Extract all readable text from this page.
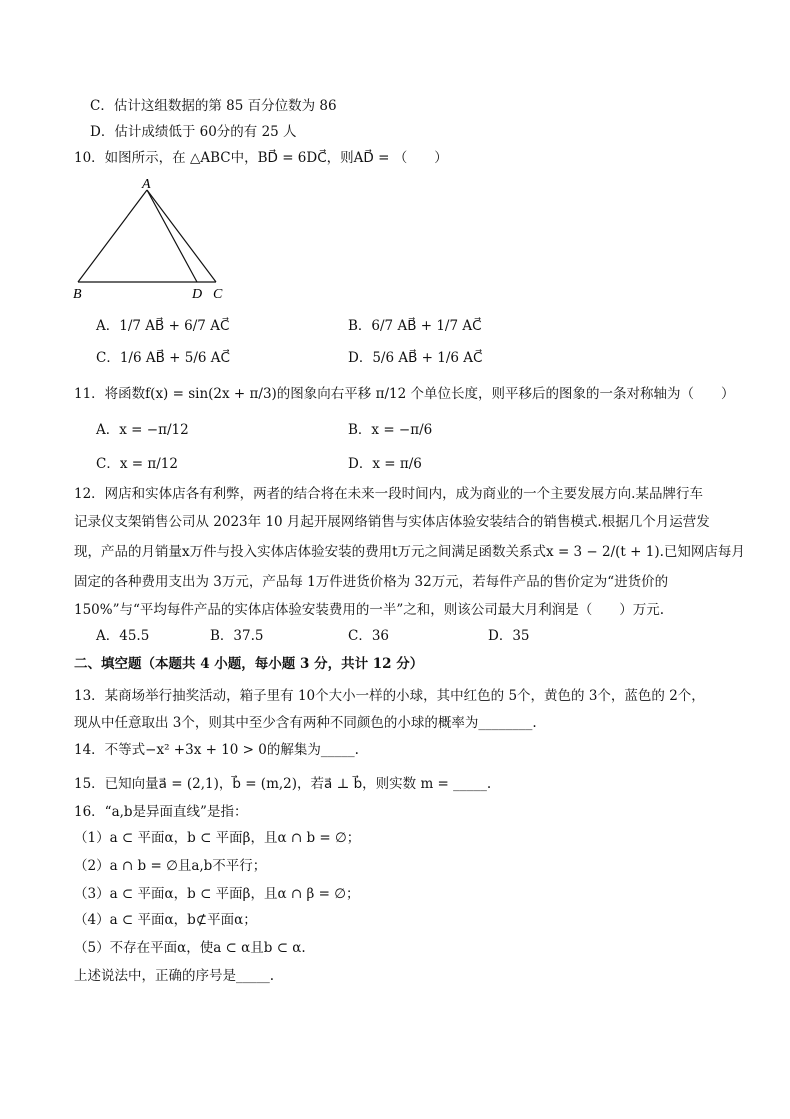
C．估计这组数据的第 85 百分位数为 86
D．估计成绩低于 60分的有 25 人
10．如图所示，在 △ABC中，BD⃗ = 6DC⃗，则AD⃗ = （　　）
A
B	D C
A．1/7 AB⃗ + 6/7 AC⃗	B．6/7 AB⃗ + 1/7 AC⃗
C．1/6 AB⃗ + 5/6 AC⃗	D．5/6 AB⃗ + 1/6 AC⃗
11．将函数f(x) = sin(2x + π/3)的图象向右平移 π/12 个单位长度，则平移后的图象的一条对称轴为（　　）
A．x = −π/12	B．x = −π/6
C．x = π/12	D．x = π/6
12．网店和实体店各有利弊，两者的结合将在未来一段时间内，成为商业的一个主要发展方向.某品牌行车
记录仪支架销售公司从 2023年 10 月起开展网络销售与实体店体验安装结合的销售模式.根据几个月运营发
现，产品的月销量x万件与投入实体店体验安装的费用t万元之间满足函数关系式x = 3 − 2/(t + 1).已知网店每月
固定的各种费用支出为 3万元，产品每 1万件进货价格为 32万元，若每件产品的售价定为“进货价的
150%”与“平均每件产品的实体店体验安装费用的一半”之和，则该公司最大月利润是（　　）万元.
A．45.5	B．37.5	C．36	D．35
二、填空题（本题共 4 小题，每小题 3 分，共计 12 分）
13．某商场举行抽奖活动，箱子里有 10个大小一样的小球，其中红色的 5个，黄色的 3个，蓝色的 2个，
现从中任意取出 3个，则其中至少含有两种不同颜色的小球的概率为________.
14．不等式−x² +3x + 10 > 0的解集为_____.
15．已知向量a⃗ = (2,1)，b⃗ = (m,2)，若a⃗ ⊥ b⃗，则实数 m = _____.
16．“a,b是异面直线”是指：
（1）a ⊂ 平面α，b ⊂ 平面β，且α ∩ b = ∅；
（2）a ∩ b = ∅且a,b不平行；
（3）a ⊂ 平面α，b ⊂ 平面β，且α ∩ β = ∅；
（4）a ⊂ 平面α，b⊄平面α；
（5）不存在平面α，使a ⊂ α且b ⊂ α.
上述说法中，正确的序号是_____.
